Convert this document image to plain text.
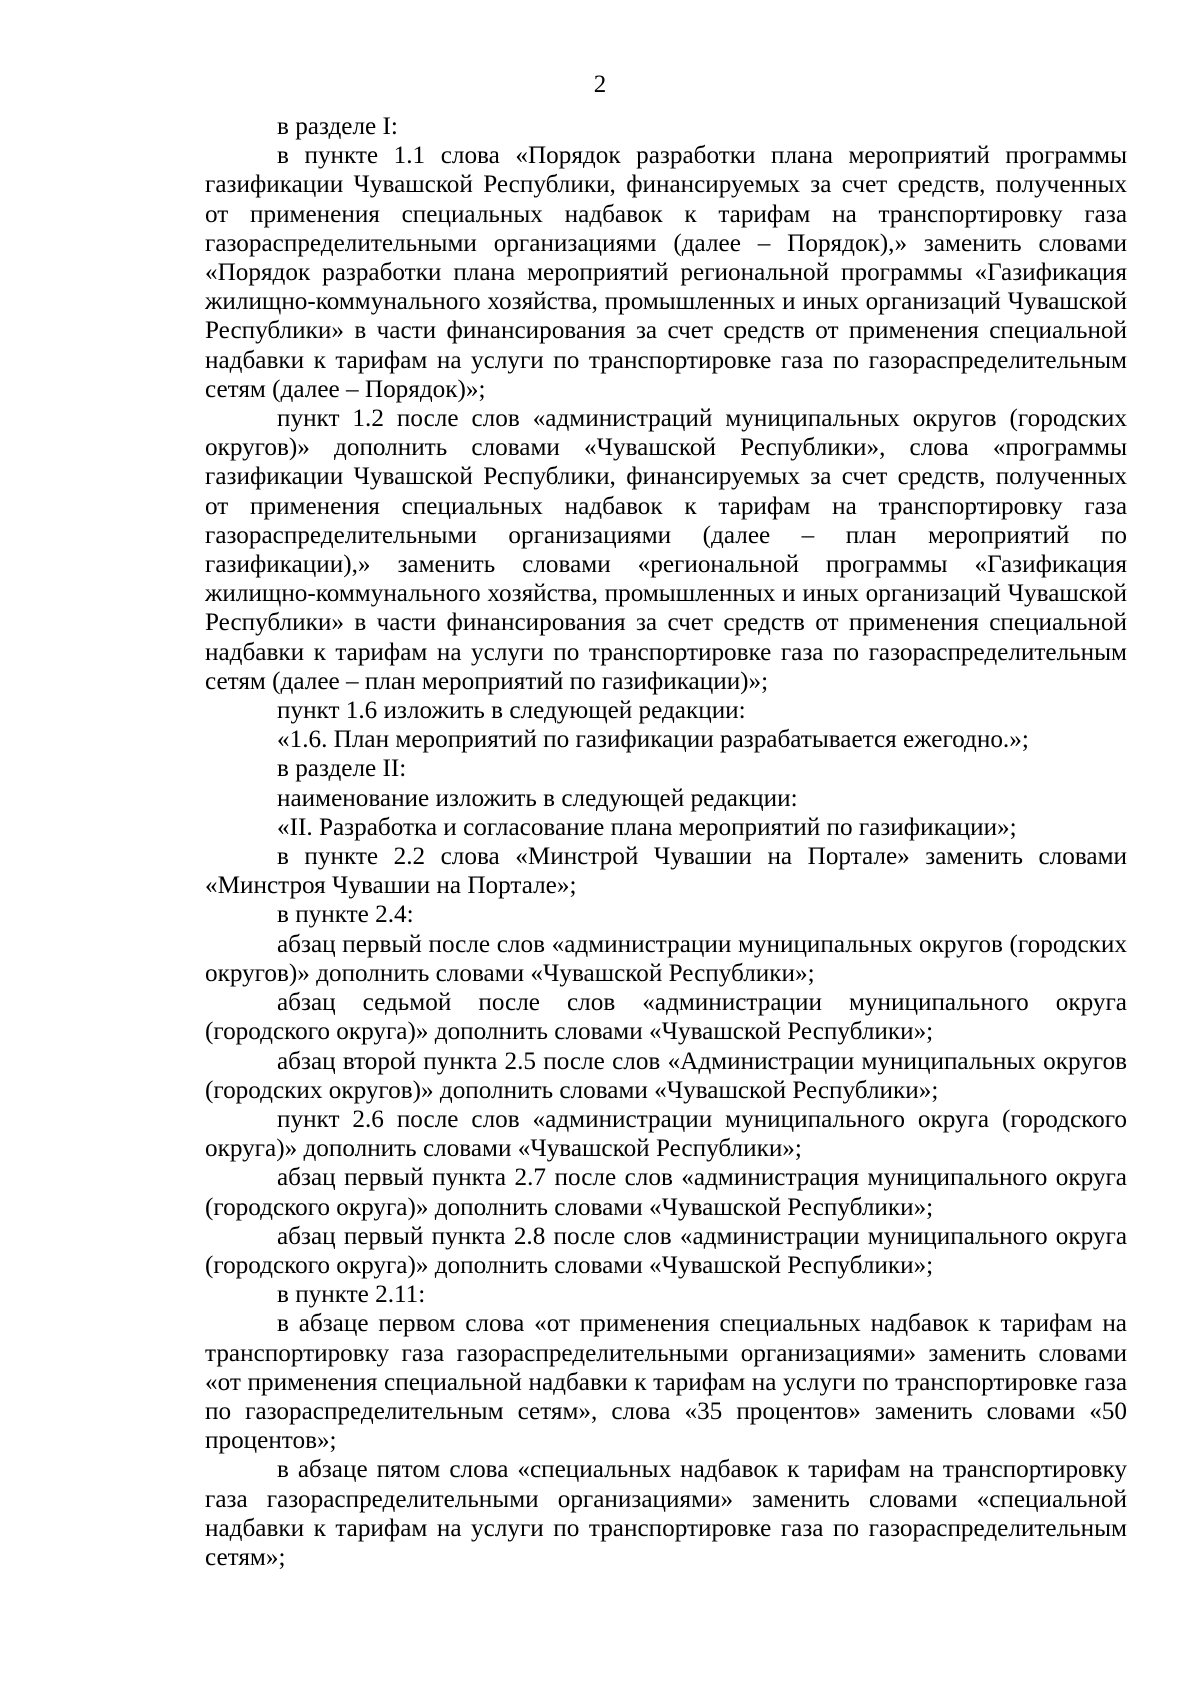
2

в разделе I:

в пункте 1.1 слова «Порядок разработки плана мероприятий программы газификации Чувашской Республики, финансируемых за счет средств, полученных от применения специальных надбавок к тарифам на транспортировку газа газораспределительными организациями (далее – Порядок),» заменить словами «Порядок разработки плана мероприятий региональной программы «Газификация жилищно-коммунального хозяйства, промышленных и иных организаций Чувашской Республики» в части финансирования за счет средств от применения специальной надбавки к тарифам на услуги по транспортировке газа по газораспределительным сетям (далее – Порядок)»;

пункт 1.2 после слов «администраций муниципальных округов (городских округов)» дополнить словами «Чувашской Республики», слова «программы газификации Чувашской Республики, финансируемых за счет средств, полученных от применения специальных надбавок к тарифам на транспортировку газа газораспределительными организациями (далее – план мероприятий по газификации),» заменить словами «региональной программы «Газификация жилищно-коммунального хозяйства, промышленных и иных организаций Чувашской Республики» в части финансирования за счет средств от применения специальной надбавки к тарифам на услуги по транспортировке газа по газораспределительным сетям (далее – план мероприятий по газификации)»;

пункт 1.6 изложить в следующей редакции:

«1.6. План мероприятий по газификации разрабатывается ежегодно.»;

в разделе II:

наименование изложить в следующей редакции:

«II. Разработка и согласование плана мероприятий по газификации»;

в пункте 2.2 слова «Минстрой Чувашии на Портале» заменить словами «Минстроя Чувашии на Портале»;

в пункте 2.4:

абзац первый после слов «администрации муниципальных округов (городских округов)» дополнить словами «Чувашской Республики»;

абзац седьмой после слов «администрации муниципального округа (городского округа)» дополнить словами «Чувашской Республики»;

абзац второй пункта 2.5 после слов «Администрации муниципальных округов (городских округов)» дополнить словами «Чувашской Республики»;

пункт 2.6 после слов «администрации муниципального округа (городского округа)» дополнить словами «Чувашской Республики»;

абзац первый пункта 2.7 после слов «администрация муниципального округа (городского округа)» дополнить словами «Чувашской Республики»;

абзац первый пункта 2.8 после слов «администрации муниципального округа (городского округа)» дополнить словами «Чувашской Республики»;

в пункте 2.11:

в абзаце первом слова «от применения специальных надбавок к тарифам на транспортировку газа газораспределительными организациями» заменить словами «от применения специальной надбавки к тарифам на услуги по транспортировке газа по газораспределительным сетям», слова «35 процентов» заменить словами «50 процентов»;

в абзаце пятом слова «специальных надбавок к тарифам на транспортировку газа газораспределительными организациями» заменить словами «специальной надбавки к тарифам на услуги по транспортировке газа по газораспределительным сетям»;
